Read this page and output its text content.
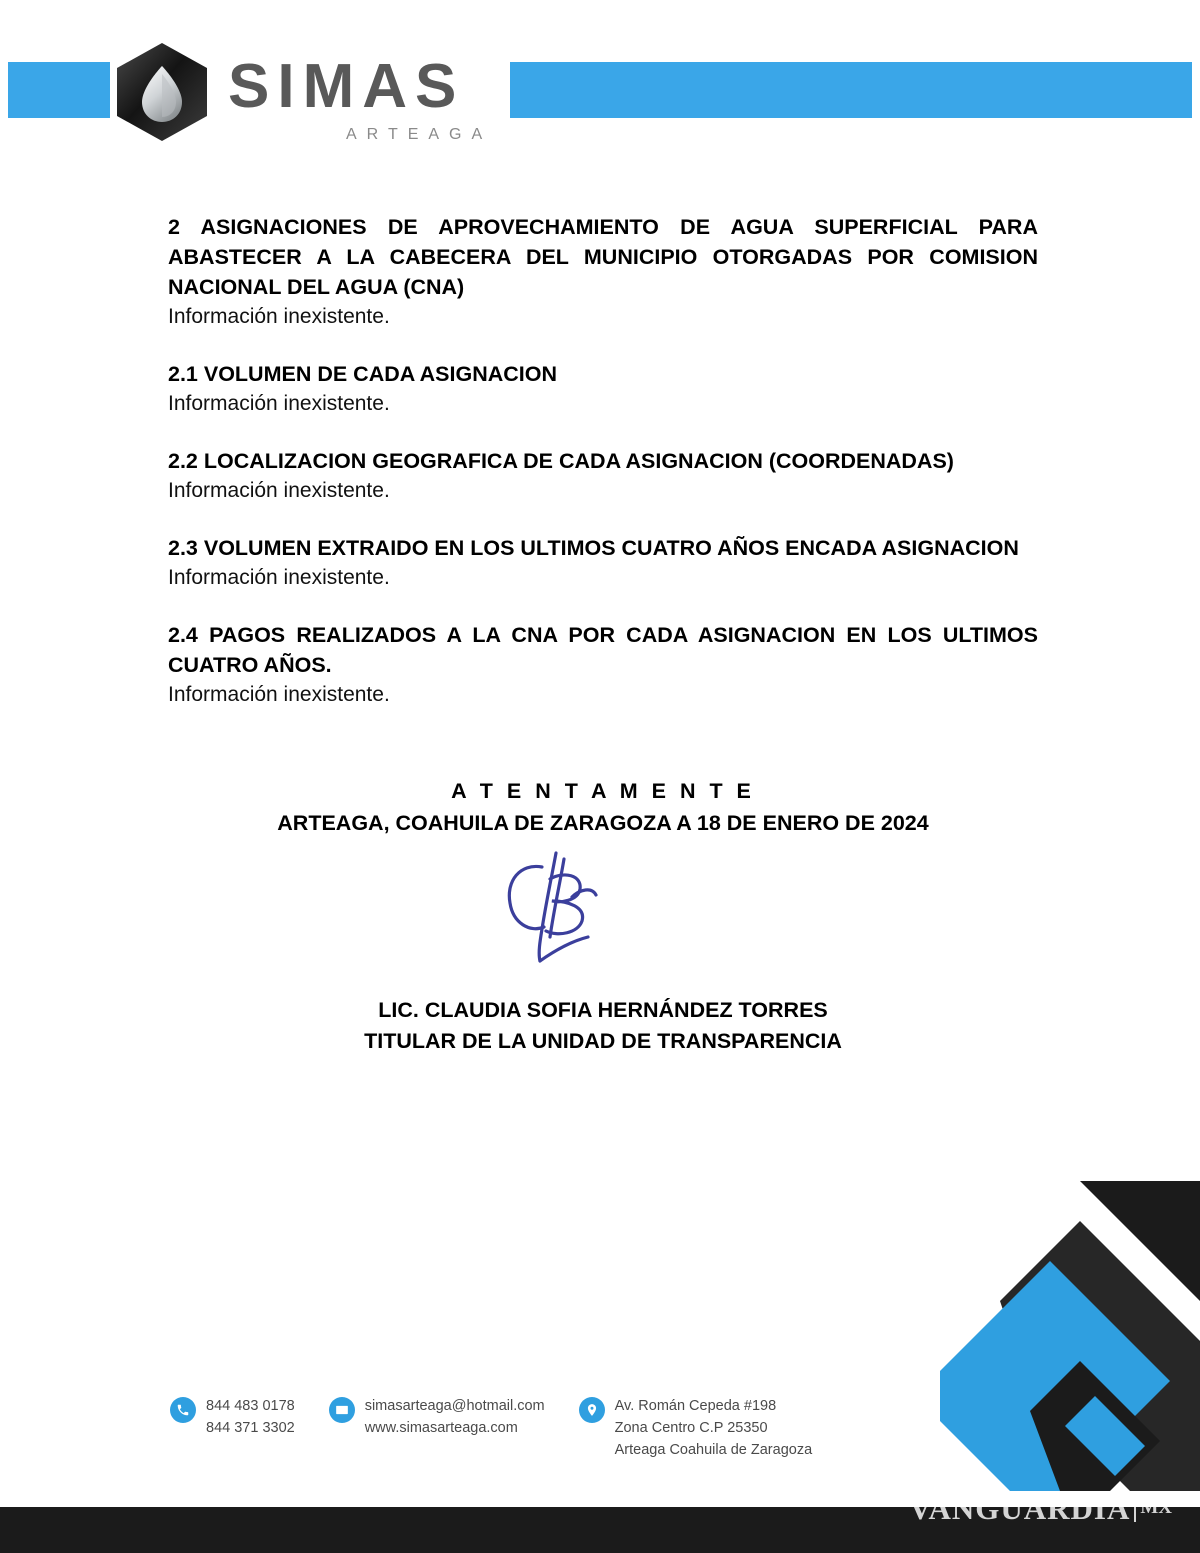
SIMAS
ARTEAGA

2 ASIGNACIONES DE APROVECHAMIENTO DE AGUA SUPERFICIAL PARA ABASTECER A LA CABECERA DEL MUNICIPIO OTORGADAS POR COMISION NACIONAL DEL AGUA (CNA)

Información inexistente.

2.1 VOLUMEN DE CADA ASIGNACION

Información inexistente.

2.2 LOCALIZACION GEOGRAFICA DE CADA ASIGNACION (COORDENADAS)

Información inexistente.

2.3 VOLUMEN EXTRAIDO EN LOS ULTIMOS CUATRO AÑOS ENCADA ASIGNACION

Información inexistente.

2.4 PAGOS REALIZADOS A LA CNA POR CADA ASIGNACION EN LOS ULTIMOS CUATRO AÑOS.

Información inexistente.

A T E N T A M E N T E
ARTEAGA, COAHUILA DE ZARAGOZA A 18 DE ENERO DE 2024
LIC. CLAUDIA SOFIA HERNÁNDEZ TORRES
TITULAR DE LA UNIDAD DE TRANSPARENCIA
844 483 0178
844 371 3302
simasarteaga@hotmail.com
www.simasarteaga.com
Av. Román Cepeda #198
Zona Centro C.P 25350
Arteaga Coahuila de Zaragoza
VANGUARDIA MX
